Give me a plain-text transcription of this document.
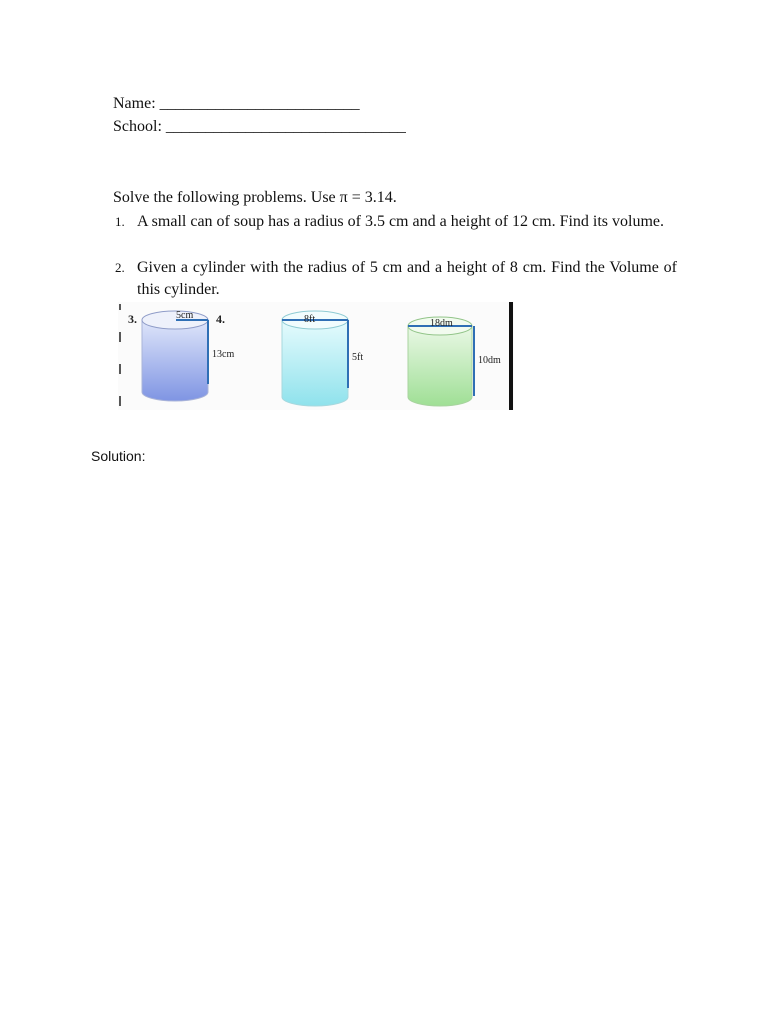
Name: _________________________
School: ______________________________
Solve the following problems. Use π = 3.14.
1. A small can of soup has a radius of 3.5 cm and a height of 12 cm. Find its volume.
2. Given a cylinder with the radius of 5 cm and a height of 8 cm. Find the Volume of this cylinder.
3.	5cm
13cm
4.	8ft
5ft
18dm
10dm
Solution:
